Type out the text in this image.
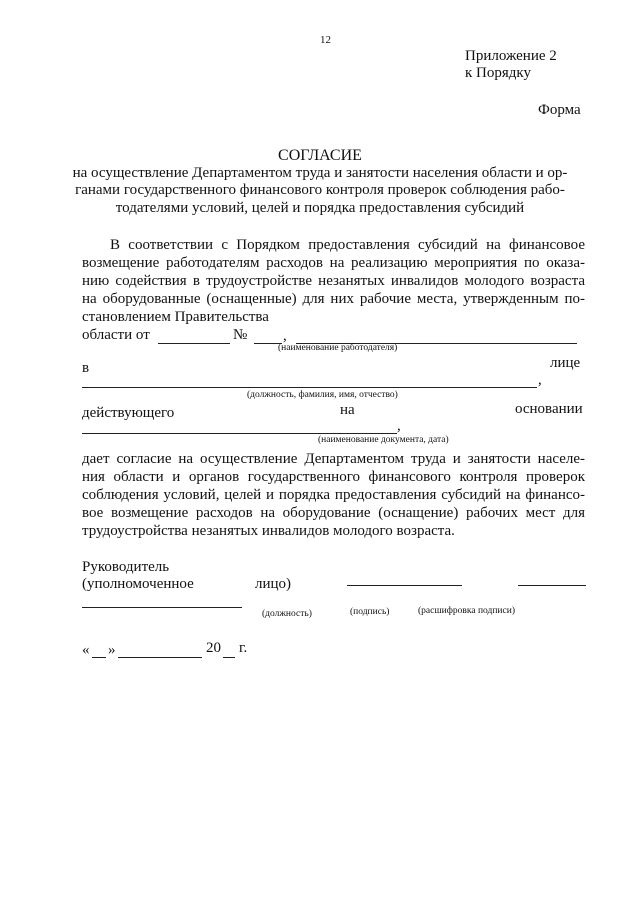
12
Приложение 2
к Порядку
Форма
СОГЛАСИЕ
на осуществление Департаментом труда и занятости населения области и ор-
ганами государственного финансового контроля проверок соблюдения рабо-
тодателями условий, целей и порядка предоставления субсидий
В соответствии с Порядком предоставления субсидий на финансовое
возмещение работодателям расходов на реализацию мероприятия по оказа-
нию содействия в трудоустройстве незанятых инвалидов молодого возраста
на оборудованные (оснащенные) для них рабочие места, утвержденным по-
становлением Правительства
области от	№ ,
(наименование работодателя)
в	лице
,
(должность, фамилия, имя, отчество)
действующего	на	основании
,
(наименование документа, дата)
дает согласие на осуществление Департаментом труда и занятости населе-
ния области и органов государственного финансового контроля проверок
соблюдения условий, целей и порядка предоставления субсидий на финансо-
вое возмещение расходов на оборудование (оснащение) рабочих мест для
трудоустройства незанятых инвалидов молодого возраста.
Руководитель
(уполномоченное	лицо)
(должность)	(подпись)	(расшифровка подписи)
« »	20 г.
